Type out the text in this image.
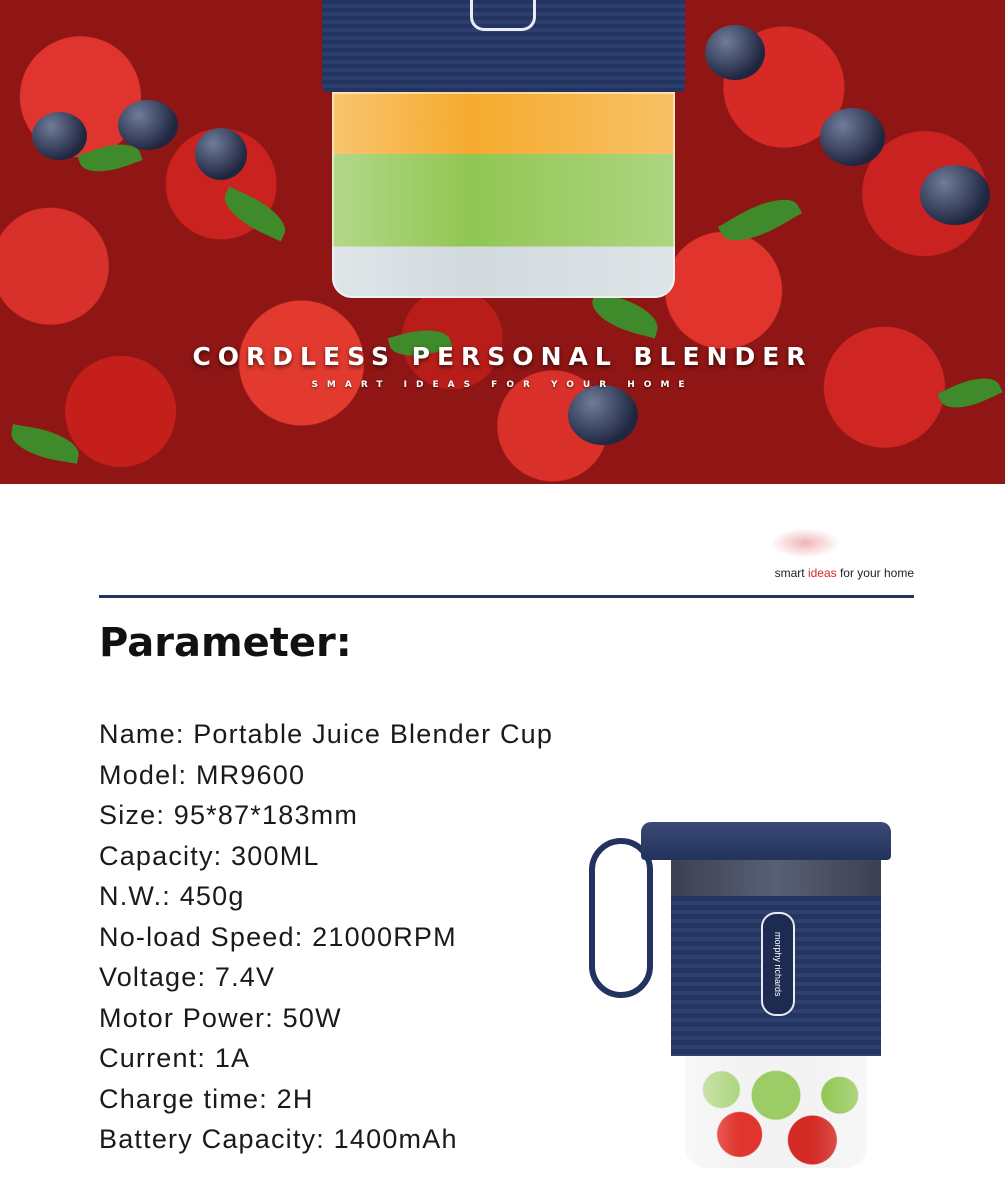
CORDLESS PERSONAL BLENDER
SMART IDEAS FOR YOUR HOME
smart ideas for your home
Parameter:
Name: Portable Juice Blender Cup
Model: MR9600
Size: 95*87*183mm
Capacity: 300ML
N.W.: 450g
No-load Speed: 21000RPM
Voltage: 7.4V
Motor Power: 50W
Current: 1A
Charge time: 2H
Battery Capacity: 1400mAh
morphy richards
